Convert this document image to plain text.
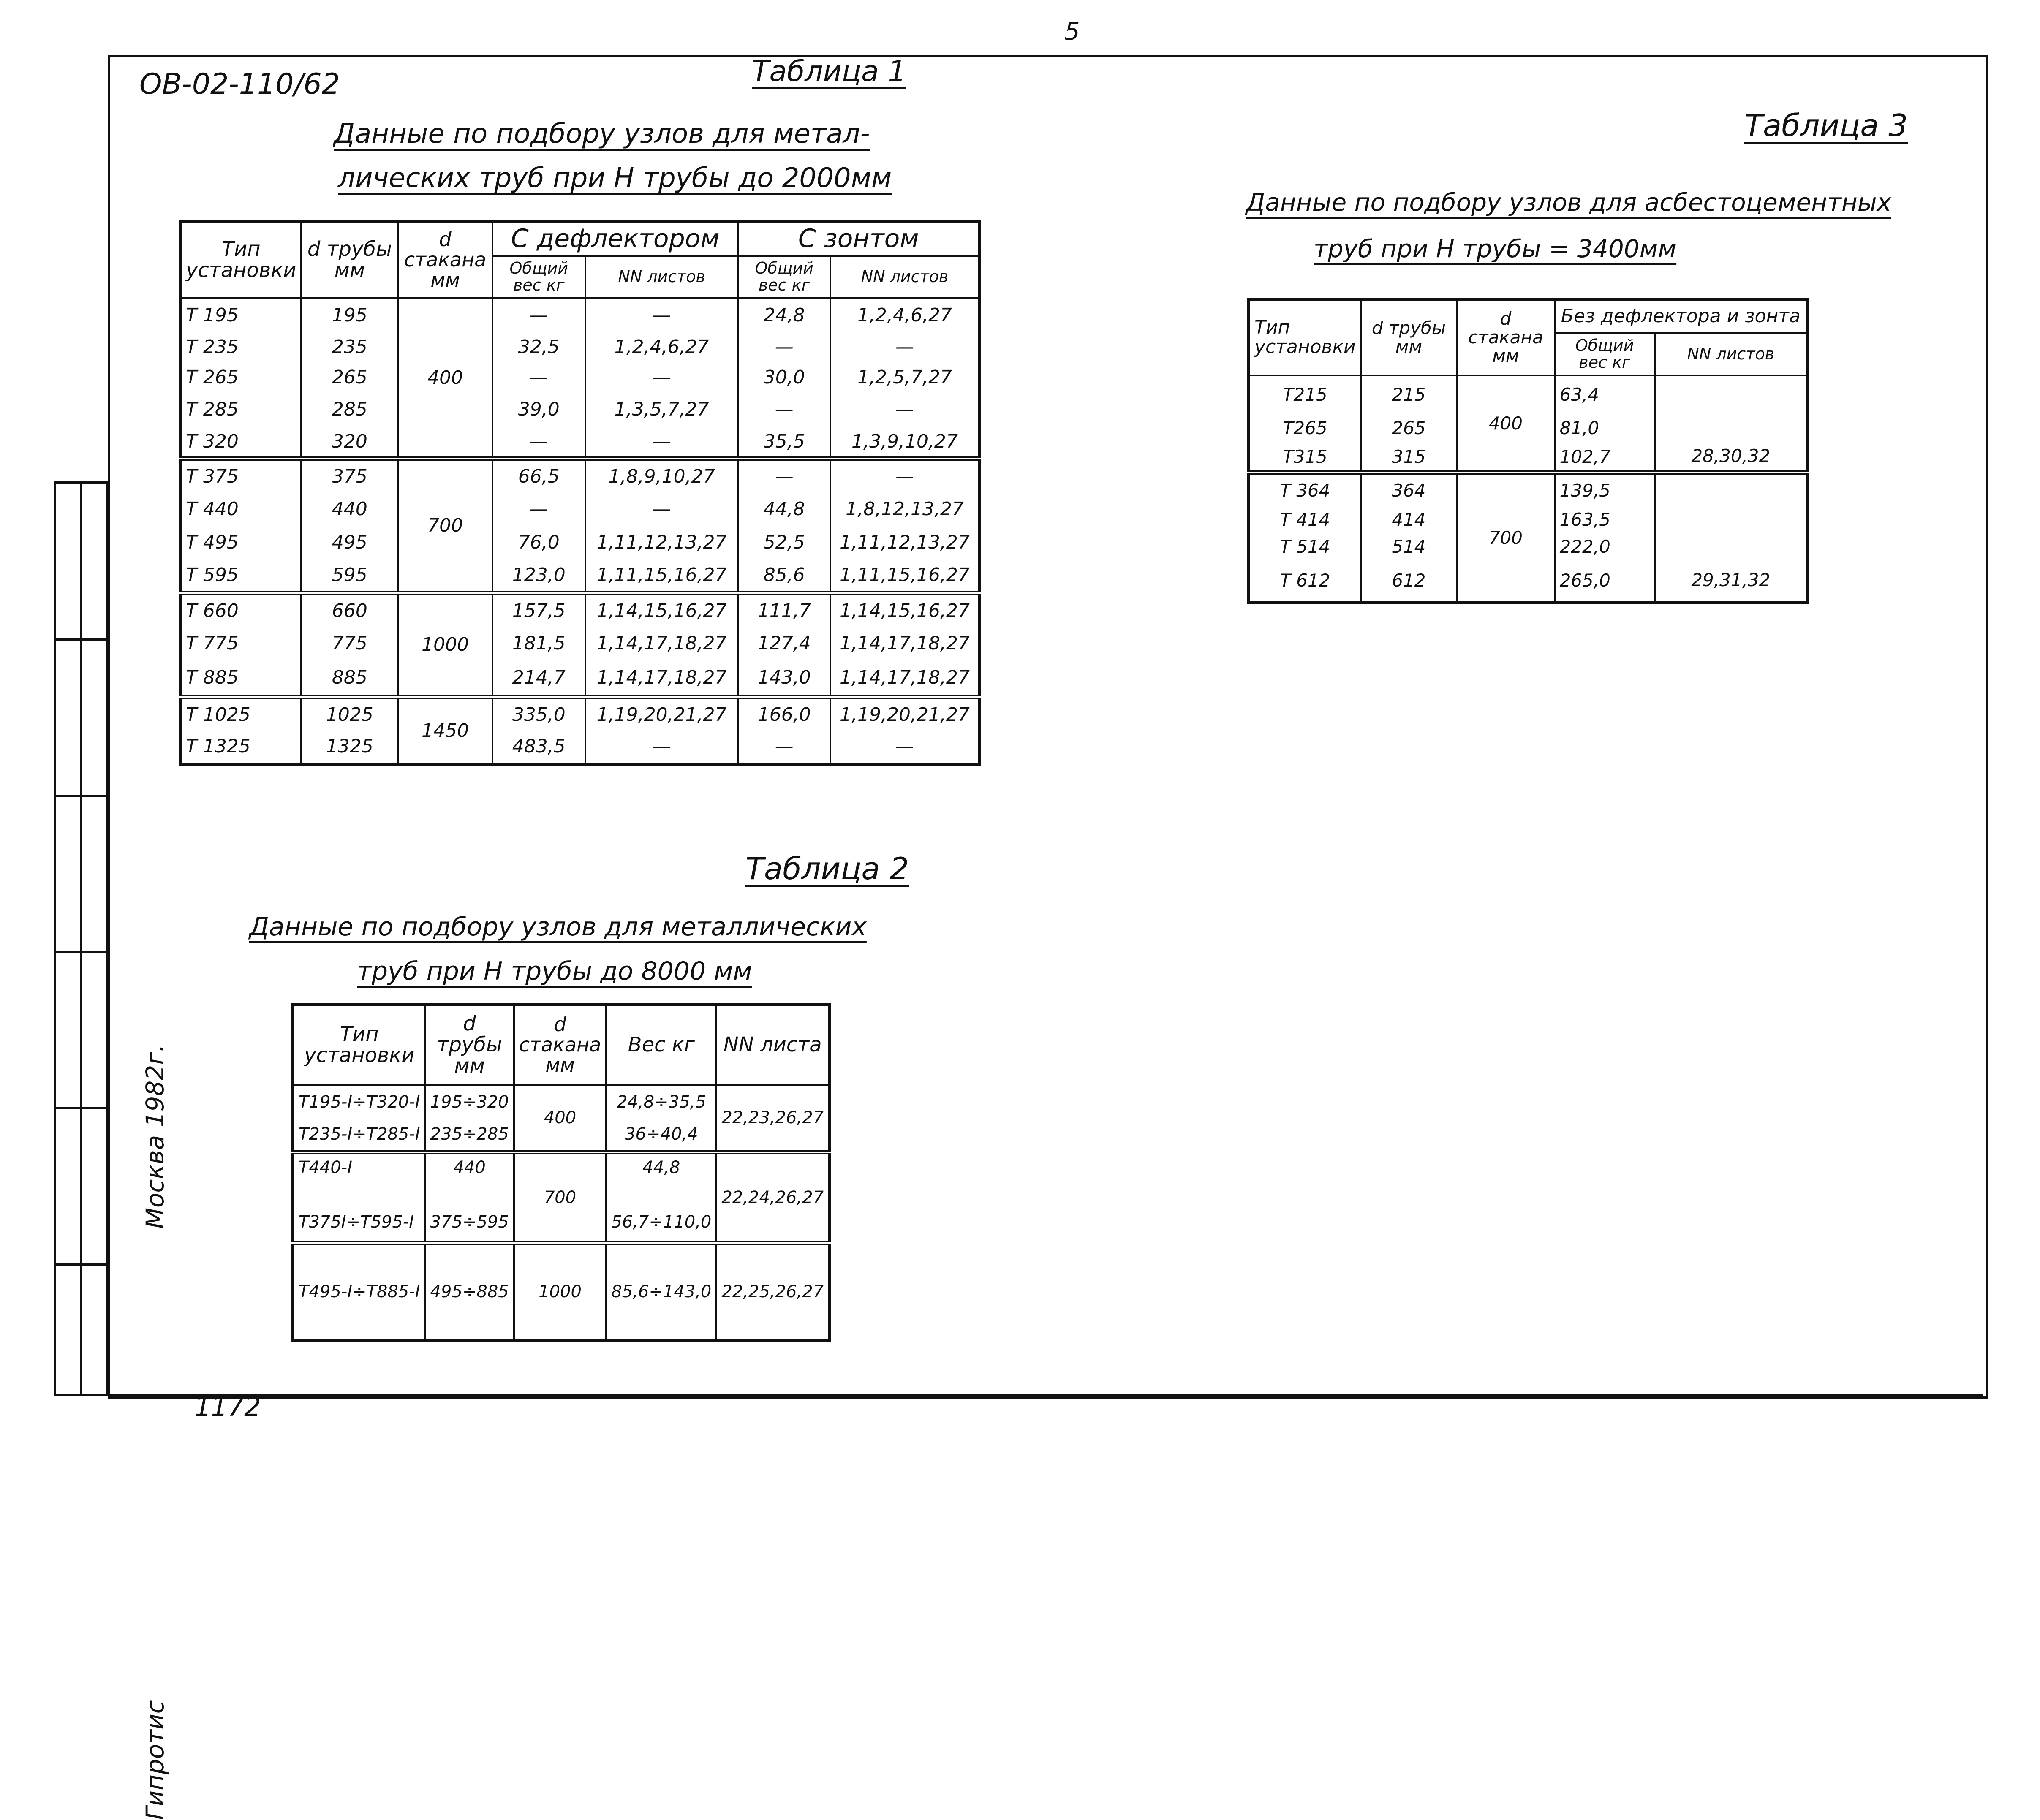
5
ОВ-02-110/62
Москва 1982г.
Гипротис
Таблица 1
Данные по подбору узлов для метал-
лических труб при Н трубы до 2000мм
Тип установки	d трубы мм	d стакана мм	С дефлектором		С зонтом	
			Общий вес кг	NN листов	Общий вес кг	NN листов
Т 195	195	400	—	—	24,8	1,2,4,6,27
Т 235	235		32,5	1,2,4,6,27	—	—
Т 265	265		—	—	30,0	1,2,5,7,27
Т 285	285		39,0	1,3,5,7,27	—	—
Т 320	320		—	—	35,5	1,3,9,10,27
Т 375	375	700	66,5	1,8,9,10,27	—	—
Т 440	440		—	—	44,8	1,8,12,13,27
Т 495	495		76,0	1,11,12,13,27	52,5	1,11,12,13,27
Т 595	595		123,0	1,11,15,16,27	85,6	1,11,15,16,27
Т 660	660	1000	157,5	1,14,15,16,27	111,7	1,14,15,16,27
Т 775	775		181,5	1,14,17,18,27	127,4	1,14,17,18,27
Т 885	885		214,7	1,14,17,18,27	143,0	1,14,17,18,27
Т 1025	1025	1450	335,0	1,19,20,21,27	166,0	1,19,20,21,27
Т 1325	1325		483,5	—	—	—
Таблица 2
Данные по подбору узлов для металлических
труб при Н трубы до 8000 мм
Тип установки	d трубы мм	d стакана мм	Вес кг	NN листа
Т195-I÷Т320-I	195÷320	400	24,8÷35,5	22,23,26,27
Т235-I÷Т285-I	235÷285		36÷40,4	
Т440-I	440	700	44,8	22,24,26,27
Т375I÷Т595-I	375÷595		56,7÷110,0	
Т495-I÷Т885-I	495÷885	1000	85,6÷143,0	22,25,26,27
Таблица 3
Данные по подбору узлов для асбестоцементных
труб при Н трубы = 3400мм
Тип установки	d трубы мм	d стакана мм	Без дефлектора и зонта	
			Общий вес кг	NN листов
Т215	215	400	63,4	28,30,32
Т265	265		81,0	
Т315	315		102,7	
Т 364	364	700	139,5	29,31,32
Т 414	414		163,5	
Т 514	514		222,0	
Т 612	612		265,0	
1172
